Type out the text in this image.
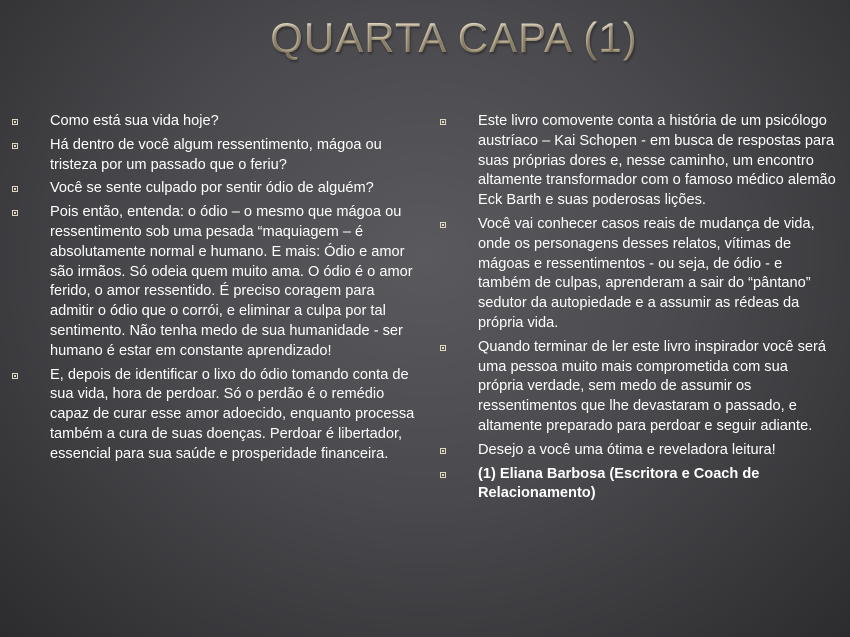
QUARTA CAPA (1)
Como está sua vida hoje?
Há dentro de você algum ressentimento, mágoa ou tristeza por um passado que o feriu?
Você se sente culpado por sentir ódio de alguém?
Pois então, entenda: o ódio – o mesmo que mágoa ou ressentimento sob uma pesada “maquiagem – é absolutamente normal e humano. E mais: Ódio e amor são irmãos. Só odeia quem muito ama. O ódio é o amor ferido, o amor ressentido. É preciso coragem para admitir o ódio que o corrói, e eliminar a culpa por tal sentimento. Não tenha medo de sua humanidade - ser humano é estar em constante aprendizado!
E, depois de identificar o lixo do ódio tomando conta de sua vida, hora de perdoar. Só o perdão é o remédio capaz de curar esse amor adoecido, enquanto processa também a cura de suas doenças. Perdoar é libertador, essencial para sua saúde e prosperidade financeira.
Este livro comovente conta a história de um psicólogo austríaco – Kai Schopen - em busca de respostas para suas próprias dores e, nesse caminho, um encontro altamente transformador com o famoso médico alemão Eck Barth e suas poderosas lições.
Você vai conhecer casos reais de mudança de vida, onde os personagens desses relatos, vítimas de mágoas e ressentimentos - ou seja, de ódio - e também de culpas, aprenderam a sair do “pântano” sedutor da autopiedade e a assumir as rédeas da própria vida.
Quando terminar de ler este livro inspirador você será uma pessoa muito mais comprometida com sua própria verdade, sem medo de assumir os ressentimentos que lhe devastaram o passado, e altamente preparado para perdoar e seguir adiante.
Desejo a você uma ótima e reveladora leitura!
(1) Eliana Barbosa (Escritora e Coach de Relacionamento)
